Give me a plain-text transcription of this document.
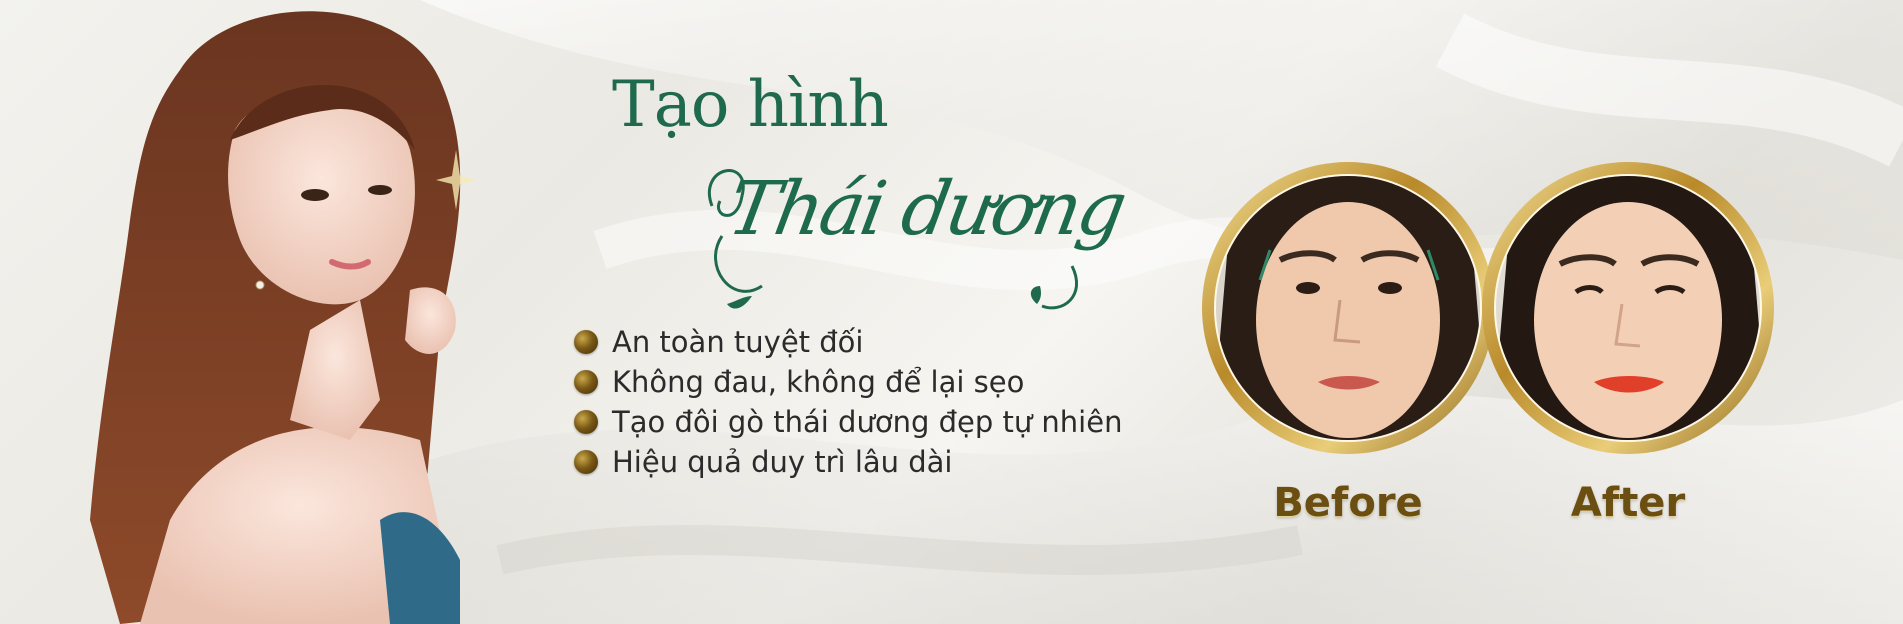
Tạo hình
Thái dương
An toàn tuyệt đối
Không đau, không để lại sẹo
Tạo đôi gò thái dương đẹp tự nhiên
Hiệu quả duy trì lâu dài

Before	After
